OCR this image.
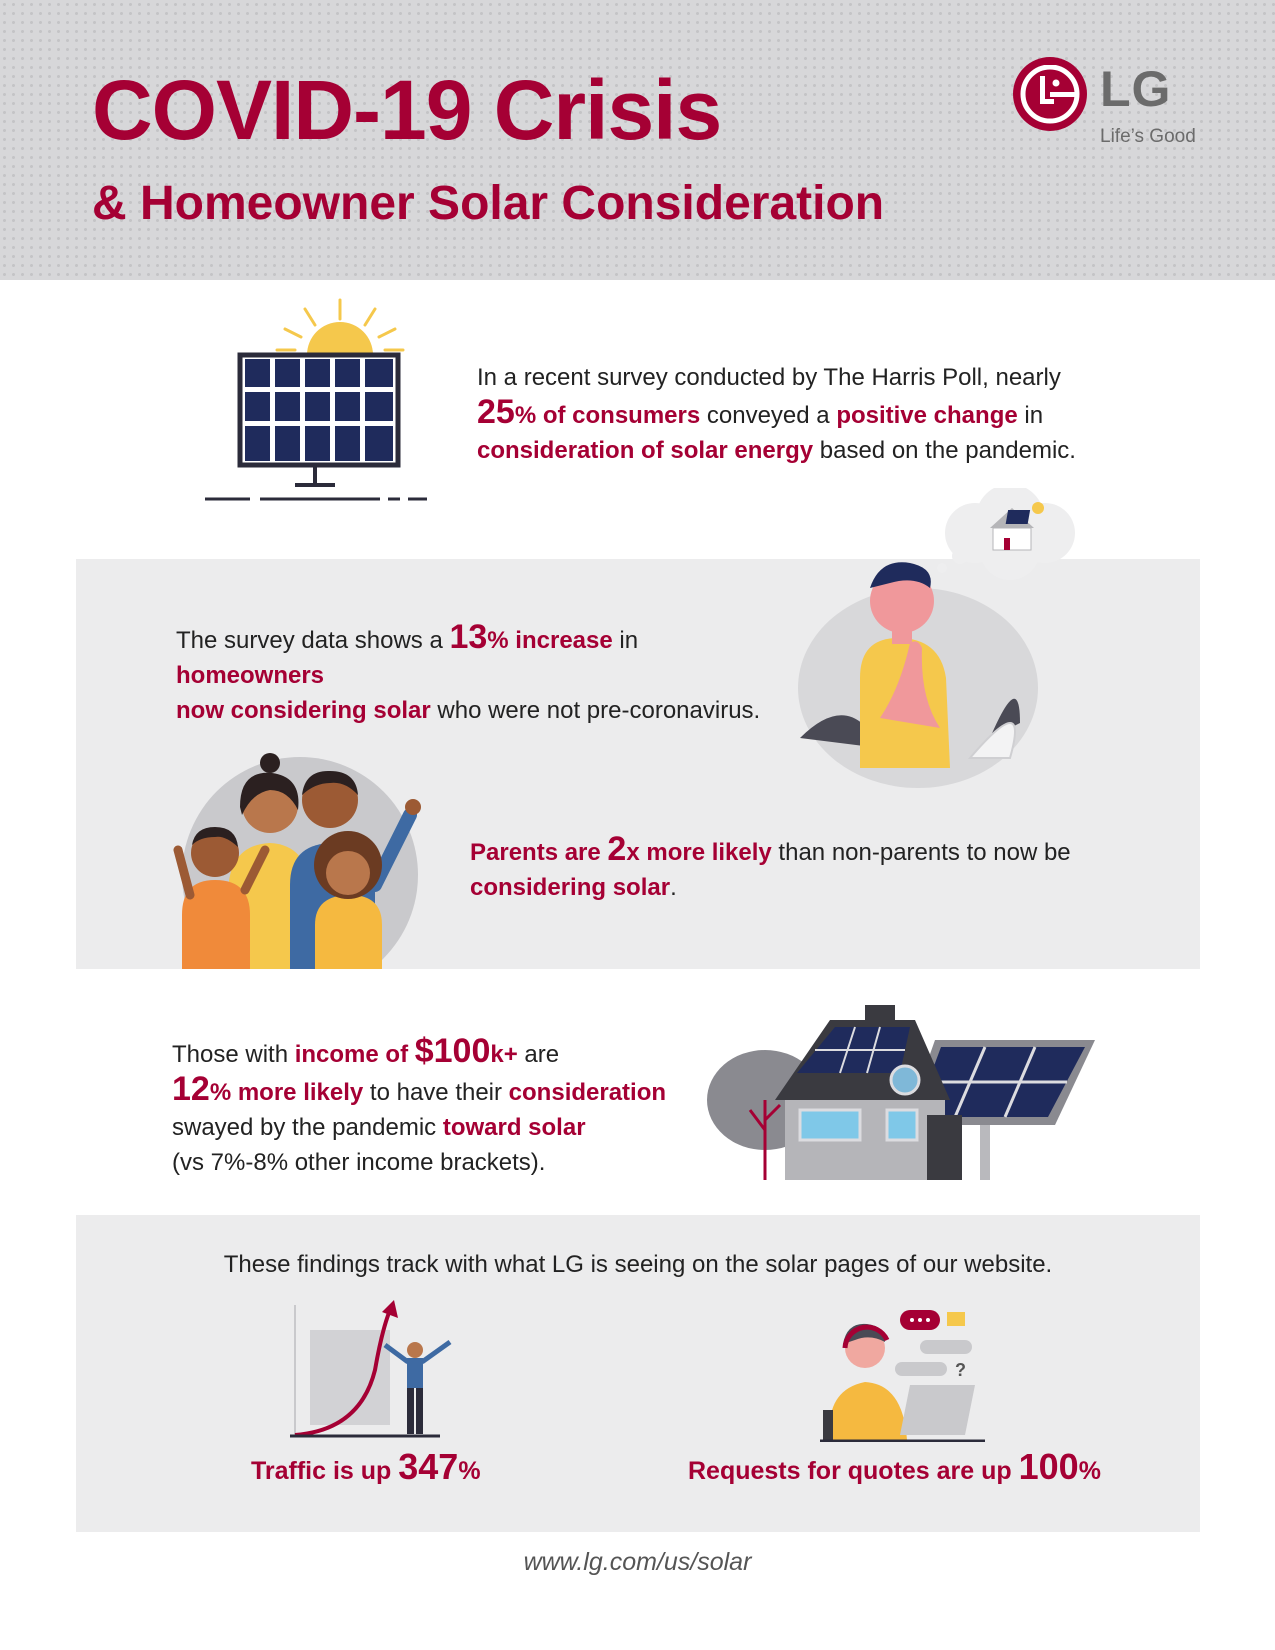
COVID-19 Crisis
& Homeowner Solar Consideration
LG
Life’s Good
In a recent survey conducted by The Harris Poll, nearly
25% of consumers conveyed a positive change in
consideration of solar energy based on the pandemic.
The survey data shows a 13% increase in homeowners
now considering solar who were not pre-coronavirus.
Parents are 2x more likely than non-parents to now be
considering solar.
Those with income of $100k+ are
12% more likely to have their consideration
swayed by the pandemic toward solar
(vs 7%-8% other income brackets).
These findings track with what LG is seeing on the solar pages of our website.
?
Traffic is up 347%	Requests for quotes are up 100%
www.lg.com/us/solar
